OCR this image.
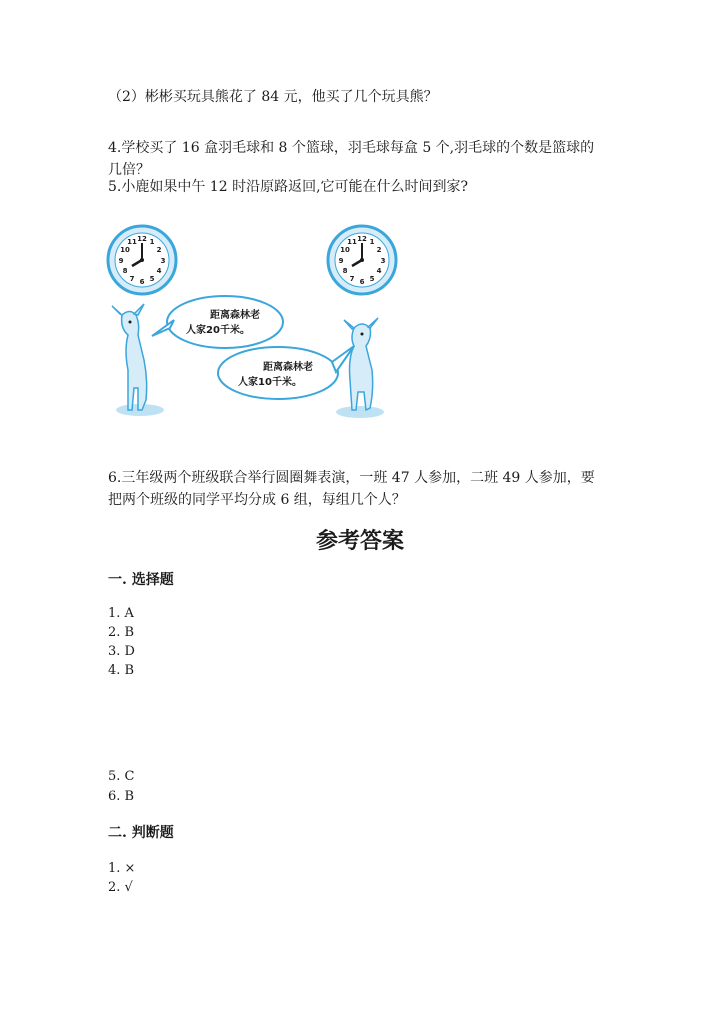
（2）彬彬买玩具熊花了 84 元，他买了几个玩具熊？
4.学校买了 16 盒羽毛球和 8 个篮球，羽毛球每盒 5 个,羽毛球的个数是篮球的几倍？
5.小鹿如果中午 12 时沿原路返回,它可能在什么时间到家?
12 1
2
3
4
5
6
7
8
9
10
11	12 1
2
3
4
5
6
7
8
9
10
11
距离森林老
人家20千米。
距离森林老
人家10千米。
6.三年级两个班级联合举行圆圈舞表演，一班 47 人参加，二班 49 人参加，要把两个班级的同学平均分成 6 组，每组几个人？
参考答案
一. 选择题
1. A
2. B
3. D
4. B
5. C
6. B
二. 判断题
1. ×
2. √
